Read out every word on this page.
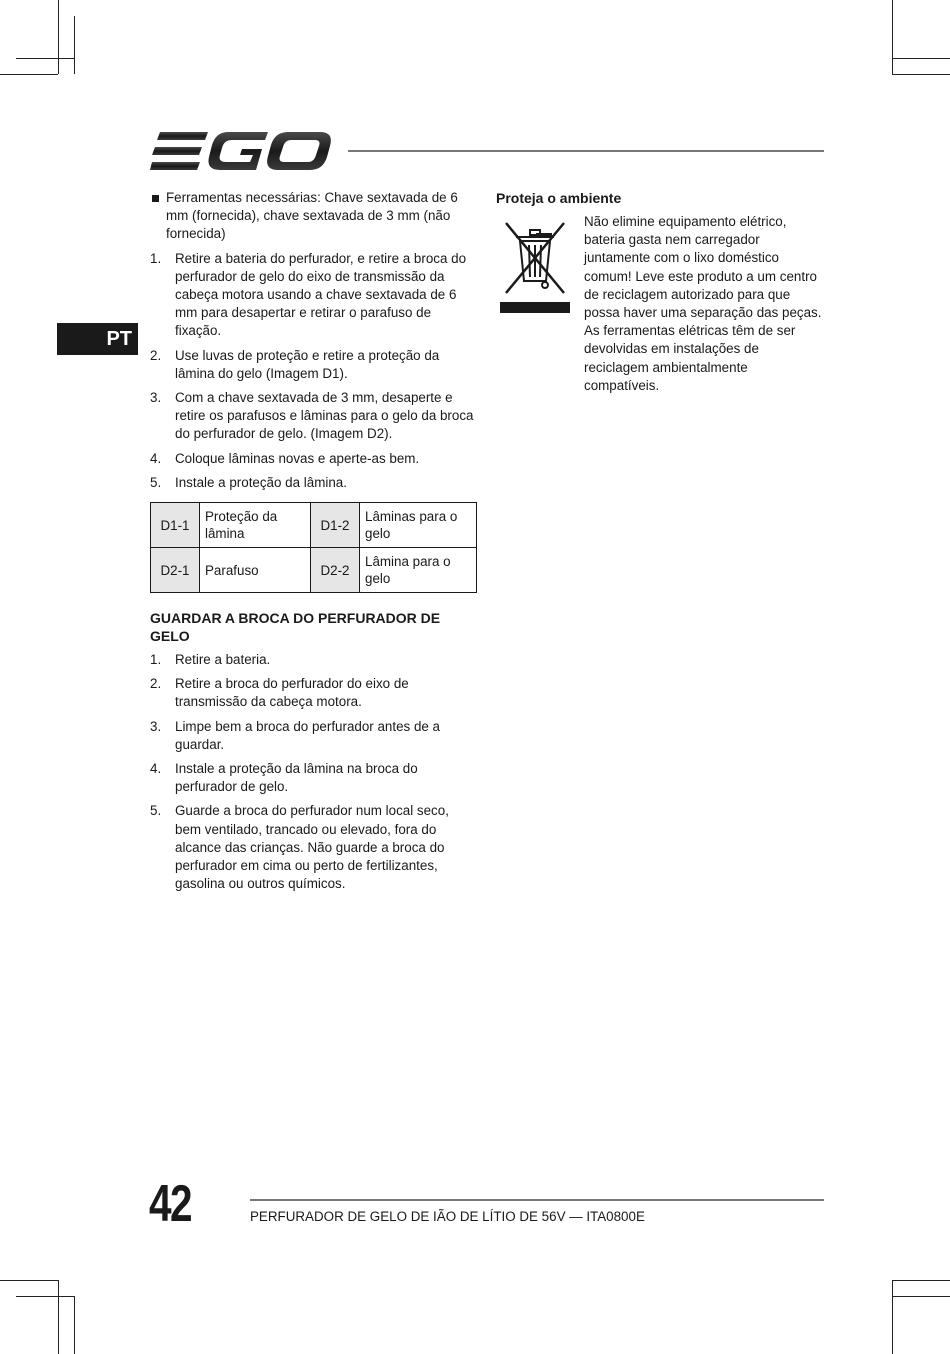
PT
Ferramentas necessárias: Chave sextavada de 6 mm (fornecida), chave sextavada de 3 mm (não fornecida)
1. Retire a bateria do perfurador, e retire a broca do perfurador de gelo do eixo de transmissão da cabeça motora usando a chave sextavada de 6 mm para desapertar e retirar o parafuso de fixação.
2. Use luvas de proteção e retire a proteção da lâmina do gelo (Imagem D1).
3. Com a chave sextavada de 3 mm, desaperte e retire os parafusos e lâminas para o gelo da broca do perfurador de gelo. (Imagem D2).
4. Coloque lâminas novas e aperte-as bem.
5. Instale a proteção da lâmina.
D1-1	Proteção da lâmina	D1-2	Lâminas para o gelo
D2-1	Parafuso	D2-2	Lâmina para o gelo
GUARDAR A BROCA DO PERFURADOR DE GELO
1. Retire a bateria.
2. Retire a broca do perfurador do eixo de transmissão da cabeça motora.
3. Limpe bem a broca do perfurador antes de a guardar.
4. Instale a proteção da lâmina na broca do perfurador de gelo.
5. Guarde a broca do perfurador num local seco, bem ventilado, trancado ou elevado, fora do alcance das crianças. Não guarde a broca do perfurador em cima ou perto de fertilizantes, gasolina ou outros químicos.
Proteja o ambiente
Não elimine equipamento elétrico, bateria gasta nem carregador juntamente com o lixo doméstico comum! Leve este produto a um centro de reciclagem autorizado para que possa haver uma separação das peças. As ferramentas elétricas têm de ser devolvidas em instalações de reciclagem ambientalmente compatíveis.
42	PERFURADOR DE GELO DE IÃO DE LÍTIO DE 56V — ITA0800E
